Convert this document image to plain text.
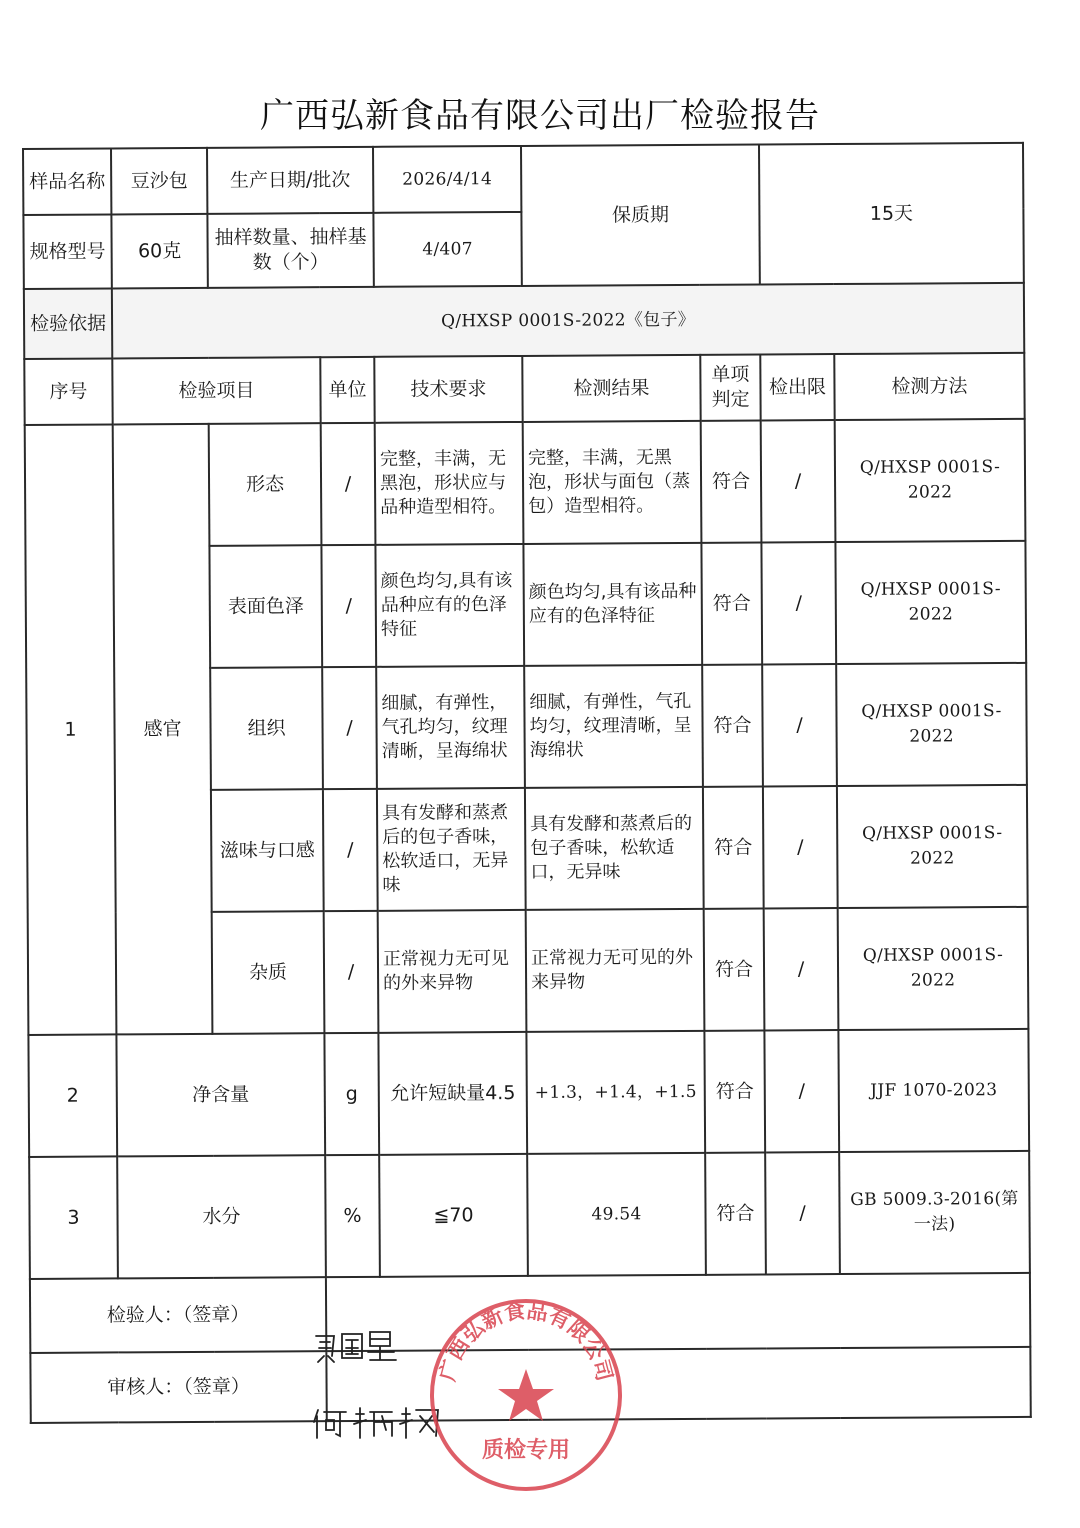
广西弘新食品有限公司出厂检验报告
样品名称	豆沙包	生产日期/批次		2026/4/14	保质期		15天	
规格型号	60克	抽样数量、抽样基数（个）		4/407				
检验依据	Q/HXSP 0001S-2022《包子》							
序号	检验项目		单位	技术要求	检测结果	单项判定	检出限	检测方法
1	感官	形态	/	完整，丰满，无黑泡，形状应与品种造型相符。	完整，丰满，无黑泡，形状与面包（蒸包）造型相符。	符合	/	Q/HXSP 0001S-2022
		表面色泽	/	颜色均匀,具有该品种应有的色泽特征	颜色均匀,具有该品种应有的色泽特征	符合	/	Q/HXSP 0001S-2022
		组织	/	细腻，有弹性，气孔均匀，纹理清晰，呈海绵状	细腻，有弹性，气孔均匀，纹理清晰，呈海绵状	符合	/	Q/HXSP 0001S-2022
		滋味与口感	/	具有发酵和蒸煮后的包子香味，松软适口，无异味	具有发酵和蒸煮后的包子香味，松软适口，无异味	符合	/	Q/HXSP 0001S-2022
		杂质	/	正常视力无可见的外来异物	正常视力无可见的外来异物	符合	/	Q/HXSP 0001S-2022
2	净含量		g	允许短缺量4.5	+1.3，+1.4，+1.5	符合	/	JJF 1070-2023
3	水分		%	≦70	49.54	符合	/	GB 5009.3-2016(第一法)
检验人：（签章）								
审核人：（签章）								
广西弘新食品有限公司
质检专用
